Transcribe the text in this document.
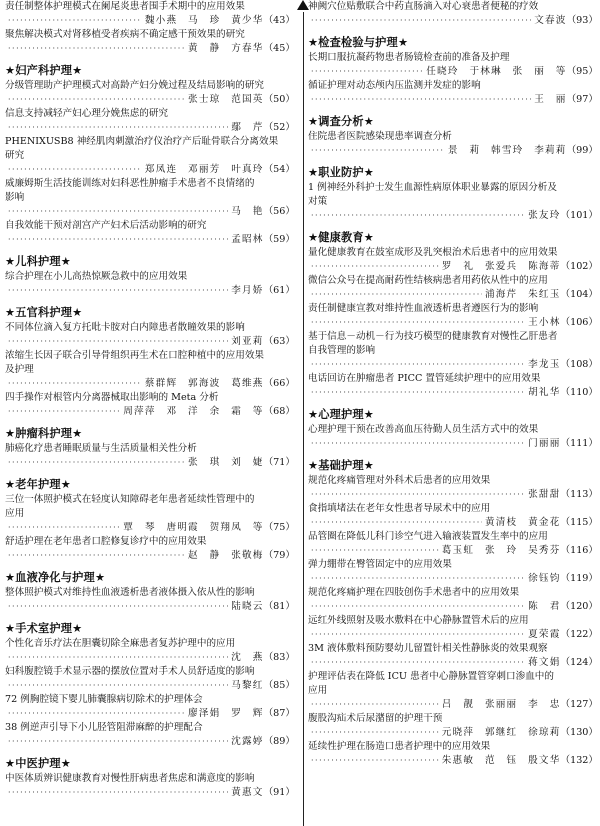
责任制整体护理模式在阑尾炎患者围手术期中的应用效果
·····
魏小燕　马　珍　黄少华 （43）
聚焦解决模式对肾移植受者疾病不确定感干预效果的研究
·····
黄　静　方春华 （45）
★妇产科护理★
分级管理助产护理模式对高龄产妇分娩过程及结局影响的研究
·····
张士琼　范国英 （50）
信息支持减轻产妇心理分娩焦虑的研究
·····
鄢　芹 （52）
PHENIXUSB8 神经肌肉刺激治疗仪治疗产后耻骨联合分离效果
研究
·····
郑凤连　邓丽芳　叶真玲 （54）
威廉姆斯生活技能训练对妇科恶性肿瘤手术患者不良情绪的
影响
·····
马　艳 （56）
自我效能干预对剖宫产产妇术后活动影响的研究
·····
孟昭林 （59）
★儿科护理★
综合护理在小儿高热惊厥急救中的应用效果
·····
李月娇 （61）
★五官科护理★
不同体位滴入复方托吡卡胺对白内障患者散瞳效果的影响
·····
刘亚莉 （63）
浓缩生长因子联合引导骨组织再生术在口腔种植中的应用效果
及护理
·····
蔡群辉　郭海波　葛维燕 （66）
四手操作对根管内分离器械取出影响的 Meta 分析
·····
周萍萍　邓　洋　余　霜　等 （68）
★肿瘤科护理★
肺癌化疗患者睡眠质量与生活质量相关性分析
·····
张　琪　刘　婕 （71）
★老年护理★
三位一体照护模式在轻度认知障碍老年患者延续性管理中的
应用
·····
覃　琴　唐明霞　贺翔凤　等 （75）
舒适护理在老年患者口腔修复诊疗中的应用效果
·····
赵　静　张敬梅 （79）
★血液净化与护理★
整体照护模式对维持性血液透析患者液体摄入依从性的影响
·····
陆晓云 （81）
★手术室护理★
个性化音乐疗法在胆囊切除全麻患者复苏护理中的应用
·····
沈　燕 （83）
妇科腹腔镜手术显示器的摆放位置对手术人员舒适度的影响
·····
马黎红 （85）
72 例胸腔镜下婴儿肺囊腺病切除术的护理体会
·····
廖泽娟　罗　辉 （87）
38 例逆声引导下小儿胫管阻滞麻醉的护理配合
·····
沈露婷 （89）
★中医护理★
中医体质辨识健康教育对慢性肝病患者焦虑和满意度的影响
·····
黄惠文 （91）
神阙穴位贴敷联合中药直肠滴入对心衰患者便秘的疗效
·····
文春波 （93）
★检查检验与护理★
长期口服抗凝药物患者肠镜检查前的准备及护理
·····
任晓玲　于林琳　张　丽　等 （95）
循证护理对动态颅内压监测并发症的影响
·····
王　丽 （97）
★调查分析★
住院患者医院感染现患率调查分析
·····
景　莉　韩雪玲　李莉莉 （99）
★职业防护★
1 例神经外科护士发生血源性病原体职业暴露的原因分析及
对策
·····
张友玲 （101）
★健康教育★
量化健康教育在鼓室成形及乳突根治术后患者中的应用效果
·····
罗　礼　张爱兵　陈海蒂 （102）
微信公众号在提高耐药性结核病患者用药依从性中的应用
·····
浦海芹　朱红玉 （104）
责任制健康宣教对维持性血液透析患者遵医行为的影响
·····
王小林 （106）
基于信息－动机－行为技巧模型的健康教育对慢性乙肝患者
自我管理的影响
·····
李龙玉 （108）
电话回访在肿瘤患者 PICC 置管延续护理中的应用效果
·····
胡礼华 （110）
★心理护理★
心理护理干预在改善高血压待勤人员生活方式中的效果
·····
门丽丽 （111）
★基础护理★
规范化疼痛管理对外科术后患者的应用效果
·····
张甜甜 （113）
食指填堵法在老年女性患者导尿术中的应用
·····
黄清枝　黄金花 （115）
品管圈在降低儿科门诊空气进入输液装置发生率中的应用
·····
葛玉虹　张　玲　吴秀芬 （116）
弹力绷带在臀管固定中的应用效果
·····
徐钰钧 （119）
规范化疼痛护理在四肢创伤手术患者中的应用效果
·····
陈　君 （120）
远红外线照射及吸水敷料在中心静脉置管术后的应用
·····
夏荣霞 （122）
3M 液体敷料预防婴幼儿留置针相关性静脉炎的效果观察
·····
蒋文娟 （124）
护理评估表在降低 ICU 患者中心静脉置管穿刺口渗血中的
应用
·····
吕　靓　张丽丽　李　忠 （127）
腹股沟疝术后尿潴留的护理干预
·····
元晓萍　郭继红　徐琼莉 （130）
延续性护理在肠造口患者护理中的应用效果
·····
朱惠敏　范　钰　殷文华 （132）
